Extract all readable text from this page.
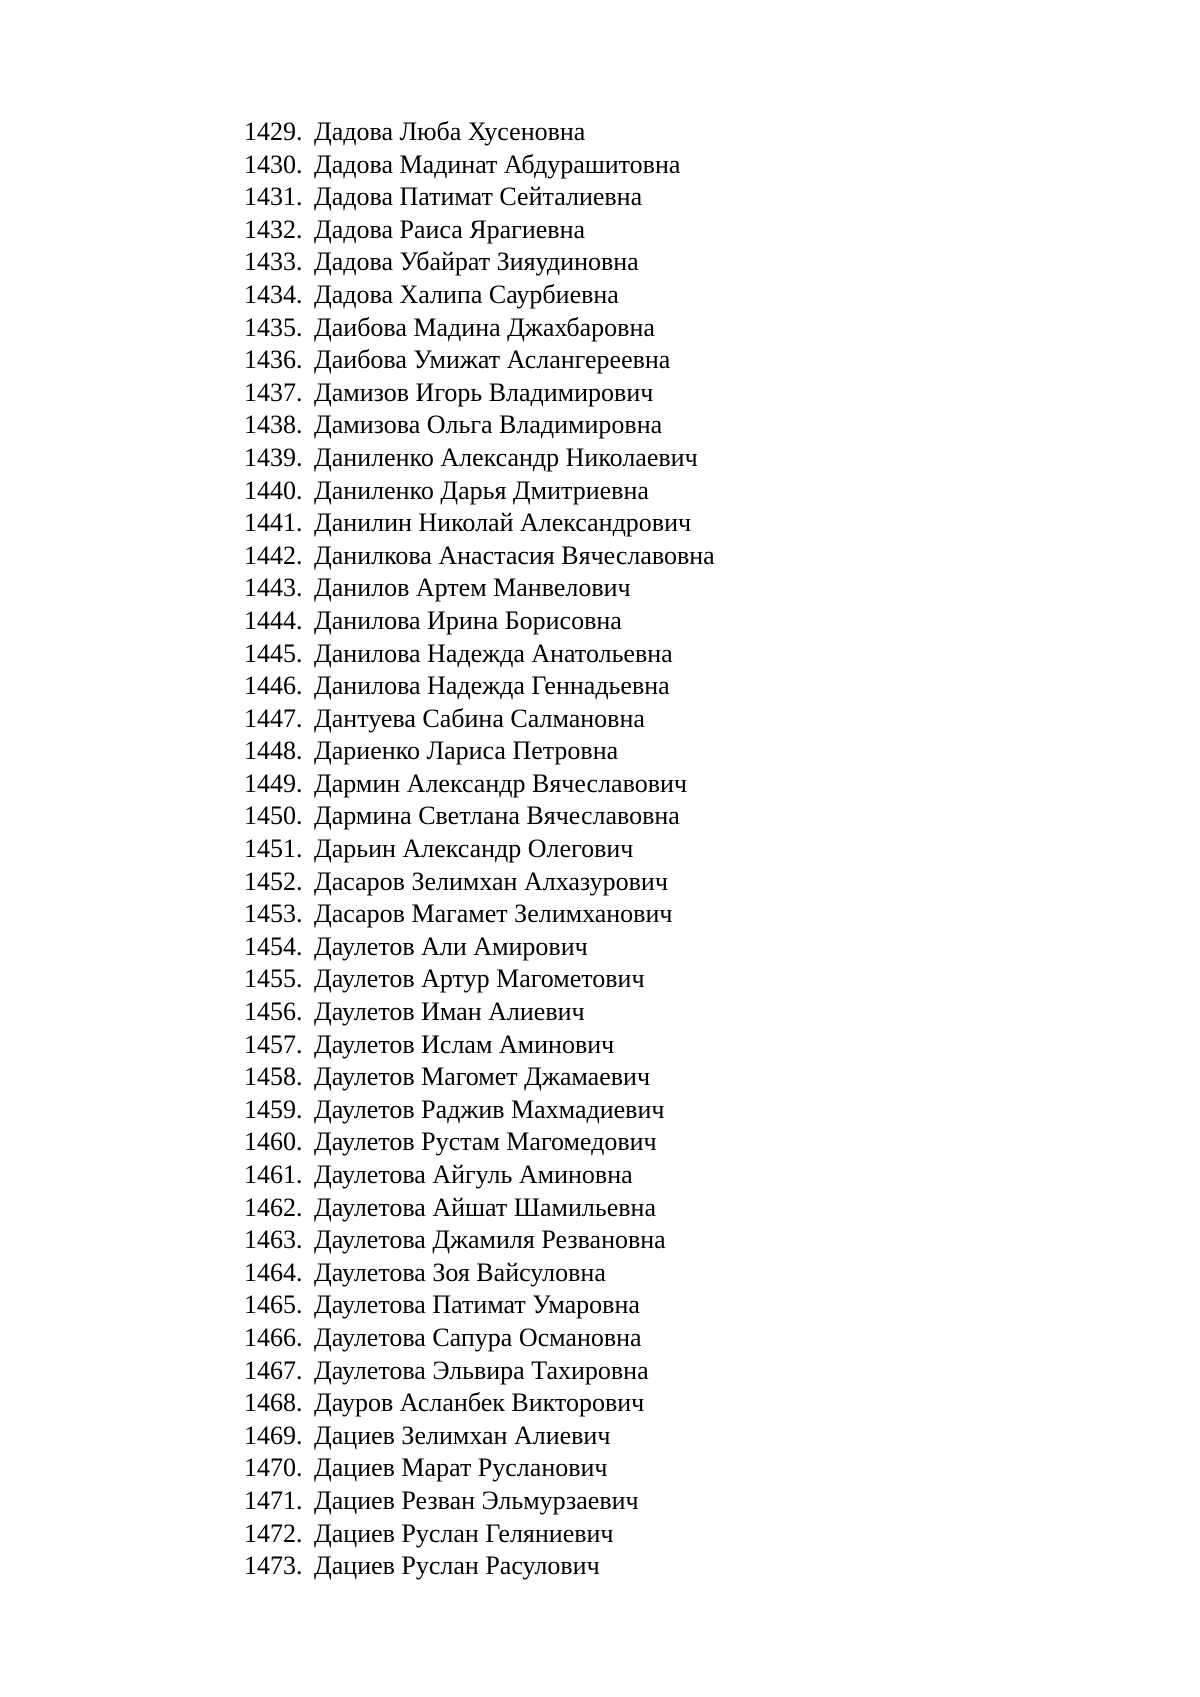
1429. Дадова Люба Хусеновна
1430. Дадова Мадинат Абдурашитовна
1431. Дадова Патимат Сейталиевна
1432. Дадова Раиса Ярагиевна
1433. Дадова Убайрат Зияудиновна
1434. Дадова Халипа Саурбиевна
1435. Даибова Мадина Джахбаровна
1436. Даибова Умижат Аслангереевна
1437. Дамизов Игорь Владимирович
1438. Дамизова Ольга Владимировна
1439. Даниленко Александр Николаевич
1440. Даниленко Дарья Дмитриевна
1441. Данилин Николай Александрович
1442. Данилкова Анастасия Вячеславовна
1443. Данилов Артем Манвелович
1444. Данилова Ирина Борисовна
1445. Данилова Надежда Анатольевна
1446. Данилова Надежда Геннадьевна
1447. Дантуева Сабина Салмановна
1448. Дариенко Лариса Петровна
1449. Дармин Александр Вячеславович
1450. Дармина Светлана Вячеславовна
1451. Дарьин Александр Олегович
1452. Дасаров Зелимхан Алхазурович
1453. Дасаров Магамет Зелимханович
1454. Даулетов Али Амирович
1455. Даулетов Артур Магометович
1456. Даулетов Иман Алиевич
1457. Даулетов Ислам Аминович
1458. Даулетов Магомет Джамаевич
1459. Даулетов Раджив Махмадиевич
1460. Даулетов Рустам Магомедович
1461. Даулетова Айгуль Аминовна
1462. Даулетова Айшат Шамильевна
1463. Даулетова Джамиля Резвановна
1464. Даулетова Зоя Вайсуловна
1465. Даулетова Патимат Умаровна
1466. Даулетова Сапура Османовна
1467. Даулетова Эльвира Тахировна
1468. Дауров Асланбек Викторович
1469. Дациев Зелимхан Алиевич
1470. Дациев Марат Русланович
1471. Дациев Резван Эльмурзаевич
1472. Дациев Руслан Геляниевич
1473. Дациев Руслан Расулович
